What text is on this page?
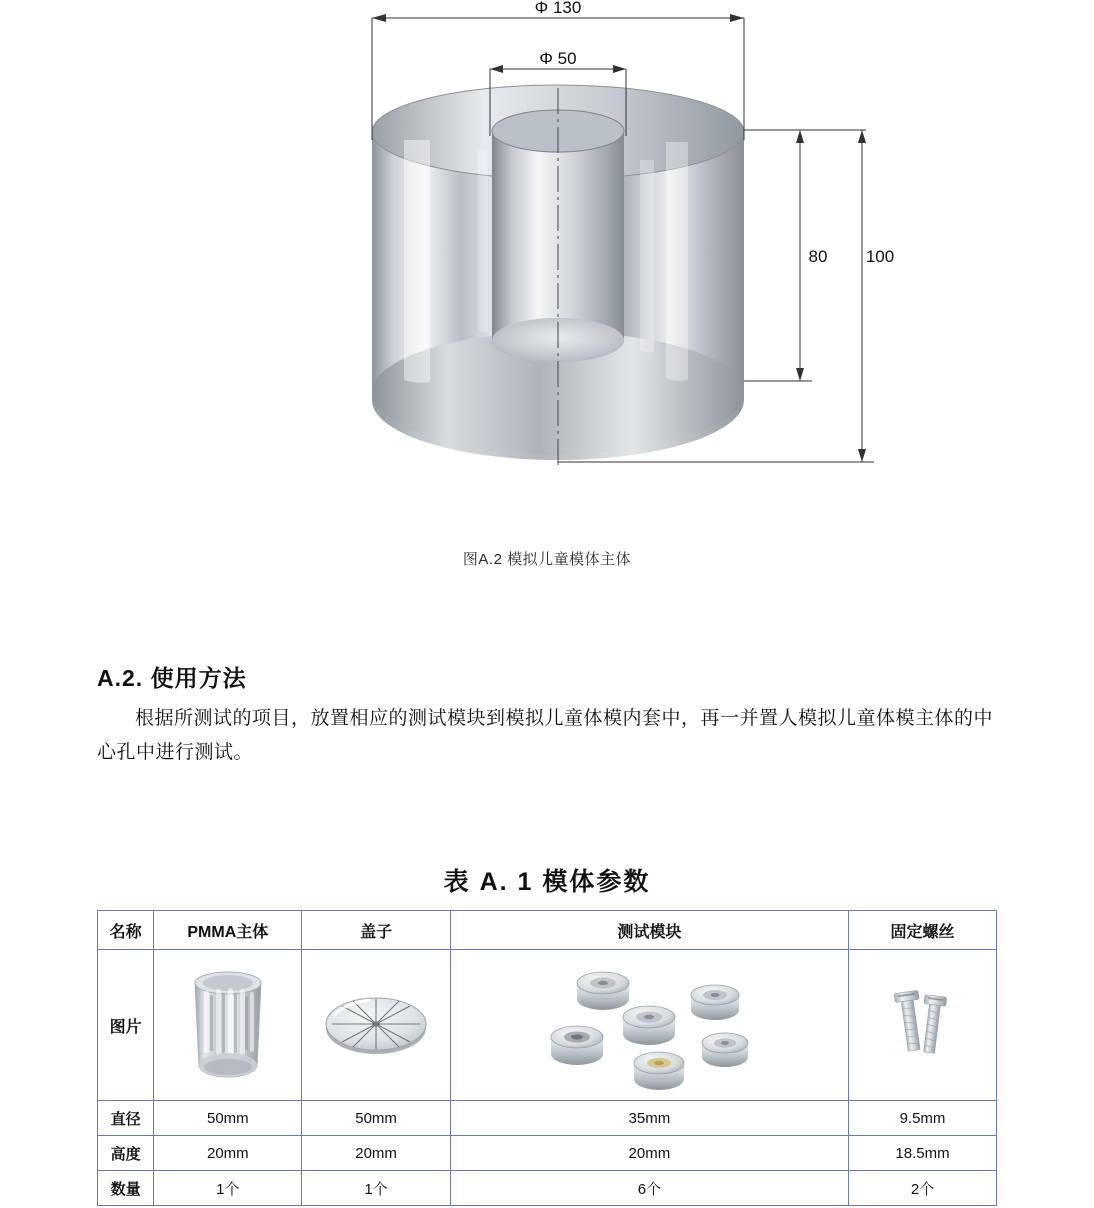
Φ 130
Φ 50
80 100
图A.2 模拟儿童模体主体
A.2. 使用方法
根据所测试的项目，放置相应的测试模块到模拟儿童体模内套中，再一并置人模拟儿童体模主体的中心孔中进行测试。
表 A. 1 模体参数
名称	PMMA主体	盖子	测试模块	固定螺丝
图片	

直径	50mm	50mm	35mm	9.5mm
高度	20mm	20mm	20mm	18.5mm
数量	1个	1个	6个	2个
